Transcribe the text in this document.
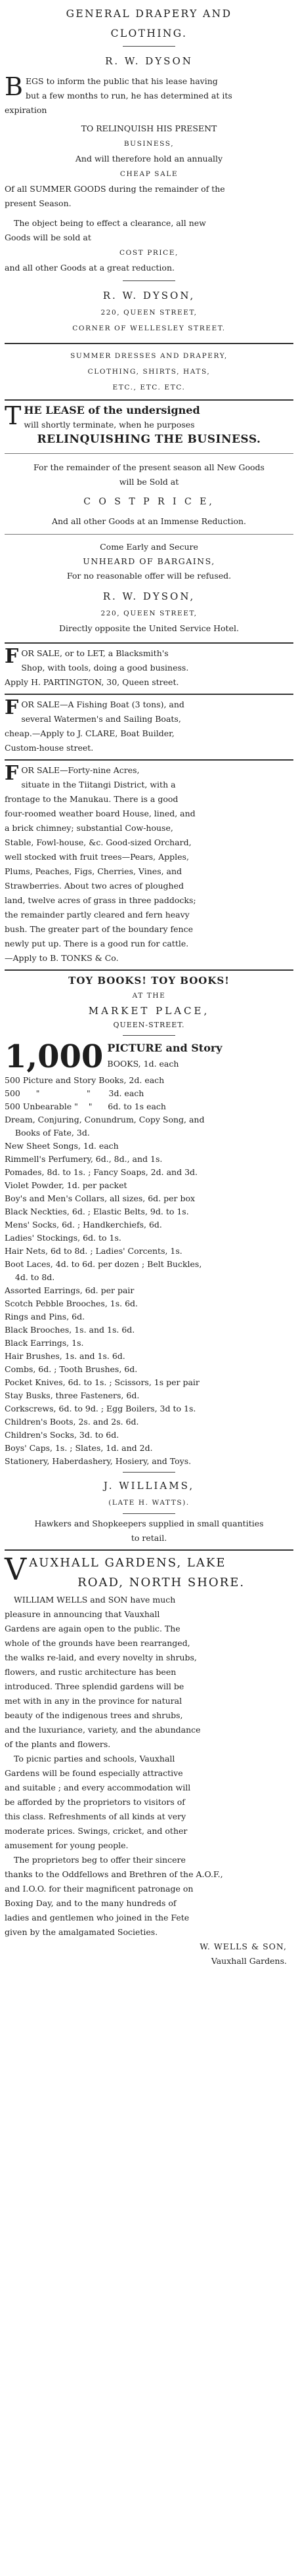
GENERAL DRAPERY AND
CLOTHING.
R. W. DYSON
B EGS to inform the public that his lease having
but a few months to run, he has determined at its
expiration
TO RELINQUISH HIS PRESENT
BUSINESS,
And will therefore hold an annually
CHEAP SALE
Of all SUMMER GOODS during the remainder of the
present Season.
The object being to effect a clearance, all new
Goods will be sold at
COST PRICE,
and all other Goods at a great reduction.
R. W. DYSON,
220, QUEEN STREET,
CORNER OF WELLESLEY STREET.
SUMMER DRESSES AND DRAPERY,
CLOTHING, SHIRTS, HATS,
ETC., ETC. ETC.
T HE LEASE of the undersigned
will shortly terminate, when he purposes
RELINQUISHING THE BUSINESS.
For the remainder of the present season all New Goods
will be Sold at
C O S T P R I C E,
And all other Goods at an Immense Reduction.
Come Early and Secure
UNHEARD OF BARGAINS,
For no reasonable offer will be refused.
R. W. DYSON,
220, QUEEN STREET,
Directly opposite the United Service Hotel.
F OR SALE, or to LET, a Blacksmith's
Shop, with tools, doing a good business.
Apply H. PARTINGTON, 30, Queen street.
F OR SALE—A Fishing Boat (3 tons), and
several Watermen's and Sailing Boats,
cheap.—Apply to J. CLARE, Boat Builder,
Custom-house street.
F OR SALE—Forty-nine Acres,
situate in the Tiitangi District, with a
frontage to the Manukau. There is a good
four-roomed weather board House, lined, and
a brick chimney; substantial Cow-house,
Stable, Fowl-house, &c. Good-sized Orchard,
well stocked with fruit trees—Pears, Apples,
Plums, Peaches, Figs, Cherries, Vines, and
Strawberries. About two acres of ploughed
land, twelve acres of grass in three paddocks;
the remainder partly cleared and fern heavy
bush. The greater part of the boundary fence
newly put up. There is a good run for cattle.
—Apply to B. TONKS & Co.
TOY BOOKS! TOY BOOKS!
AT THE
MARKET PLACE,
QUEEN-STREET.
1,000 PICTURE and Story
BOOKS, 1d. each
500 Picture and Story Books, 2d. each
500      "                  "       3d. each
500 Unbearable "    "      6d. to 1s each
Dream, Conjuring, Conundrum, Copy Song, and
Books of Fate, 3d.
New Sheet Songs, 1d. each
Rimmell's Perfumery, 6d., 8d., and 1s.
Pomades, 8d. to 1s. ; Fancy Soaps, 2d. and 3d.
Violet Powder, 1d. per packet
Boy's and Men's Collars, all sizes, 6d. per box
Black Neckties, 6d. ; Elastic Belts, 9d. to 1s.
Mens' Socks, 6d. ; Handkerchiefs, 6d.
Ladies' Stockings, 6d. to 1s.
Hair Nets, 6d to 8d. ; Ladies' Corcents, 1s.
Boot Laces, 4d. to 6d. per dozen ; Belt Buckles,
4d. to 8d.
Assorted Earrings, 6d. per pair
Scotch Pebble Brooches, 1s. 6d.
Rings and Pins, 6d.
Black Brooches, 1s. and 1s. 6d.
Black Earrings, 1s.
Hair Brushes, 1s. and 1s. 6d.
Combs, 6d. ; Tooth Brushes, 6d.
Pocket Knives, 6d. to 1s. ; Scissors, 1s per pair
Stay Busks, three Fasteners, 6d.
Corkscrews, 6d. to 9d. ; Egg Boilers, 3d to 1s.
Children's Boots, 2s. and 2s. 6d.
Children's Socks, 3d. to 6d.
Boys' Caps, 1s. ; Slates, 1d. and 2d.
Stationery, Haberdashery, Hosiery, and Toys.
J. WILLIAMS,
(LATE H. WATTS).
Hawkers and Shopkeepers supplied in small quantities
to retail.
V AUXHALL GARDENS, LAKE
ROAD, NORTH SHORE.
WILLIAM WELLS and SON have much
pleasure in announcing that Vauxhall
Gardens are again open to the public. The
whole of the grounds have been rearranged,
the walks re-laid, and every novelty in shrubs,
flowers, and rustic architecture has been
introduced. Three splendid gardens will be
met with in any in the province for natural
beauty of the indigenous trees and shrubs,
and the luxuriance, variety, and the abundance
of the plants and flowers.
To picnic parties and schools, Vauxhall
Gardens will be found especially attractive
and suitable ; and every accommodation will
be afforded by the proprietors to visitors of
this class. Refreshments of all kinds at very
moderate prices. Swings, cricket, and other
amusement for young people.
The proprietors beg to offer their sincere
thanks to the Oddfellows and Brethren of the A.O.F.,
and I.O.O. for their magnificent patronage on
Boxing Day, and to the many hundreds of
ladies and gentlemen who joined in the Fete
given by the amalgamated Societies.
W. WELLS & SON,
Vauxhall Gardens.
